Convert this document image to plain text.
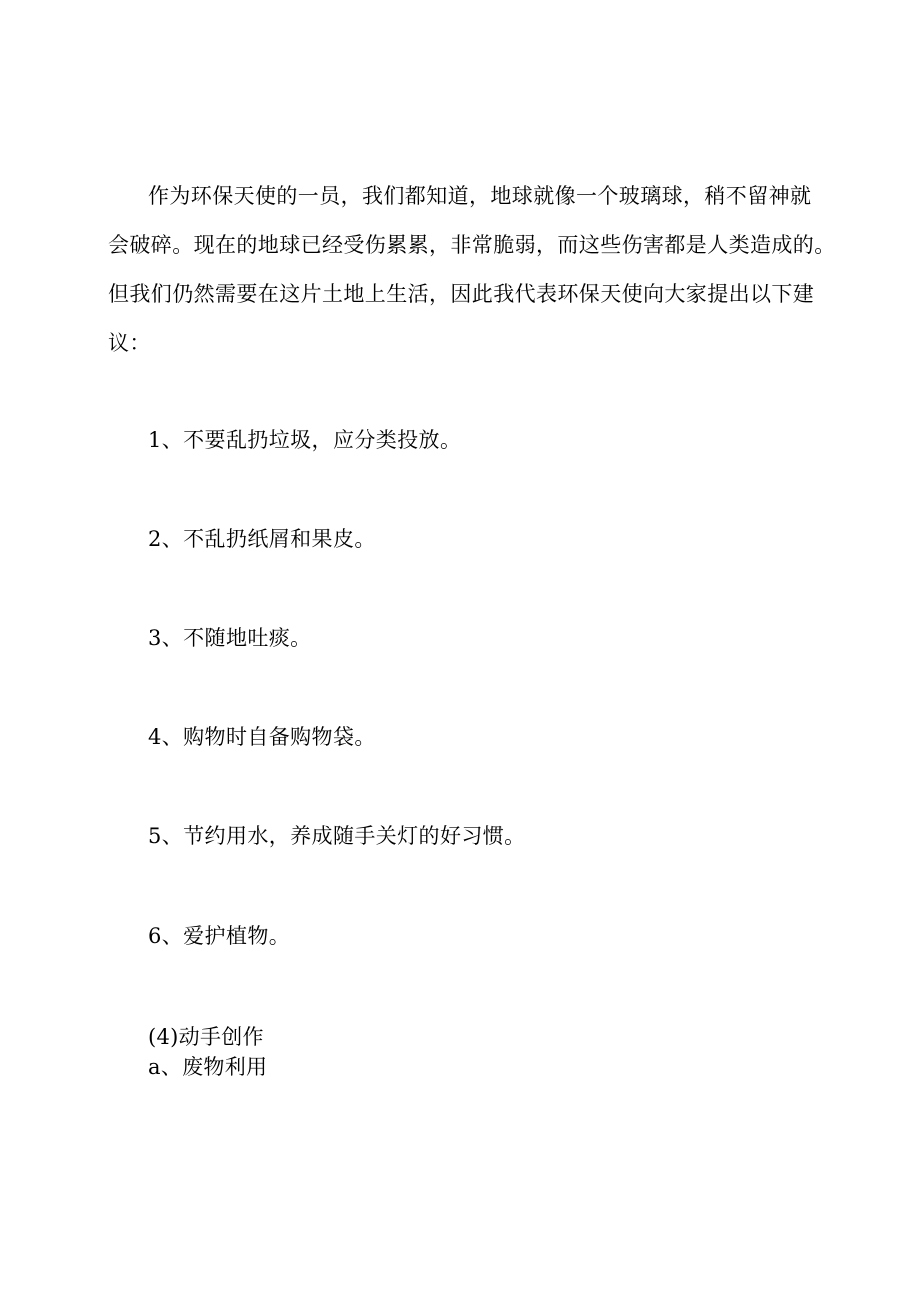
作为环保天使的一员，我们都知道，地球就像一个玻璃球，稍不留神就
会破碎。现在的地球已经受伤累累，非常脆弱，而这些伤害都是人类造成的。
但我们仍然需要在这片土地上生活，因此我代表环保天使向大家提出以下建
议：

1、不要乱扔垃圾，应分类投放。

2、不乱扔纸屑和果皮。

3、不随地吐痰。

4、购物时自备购物袋。

5、节约用水，养成随手关灯的好习惯。

6、爱护植物。

(4)动手创作

a、废物利用
